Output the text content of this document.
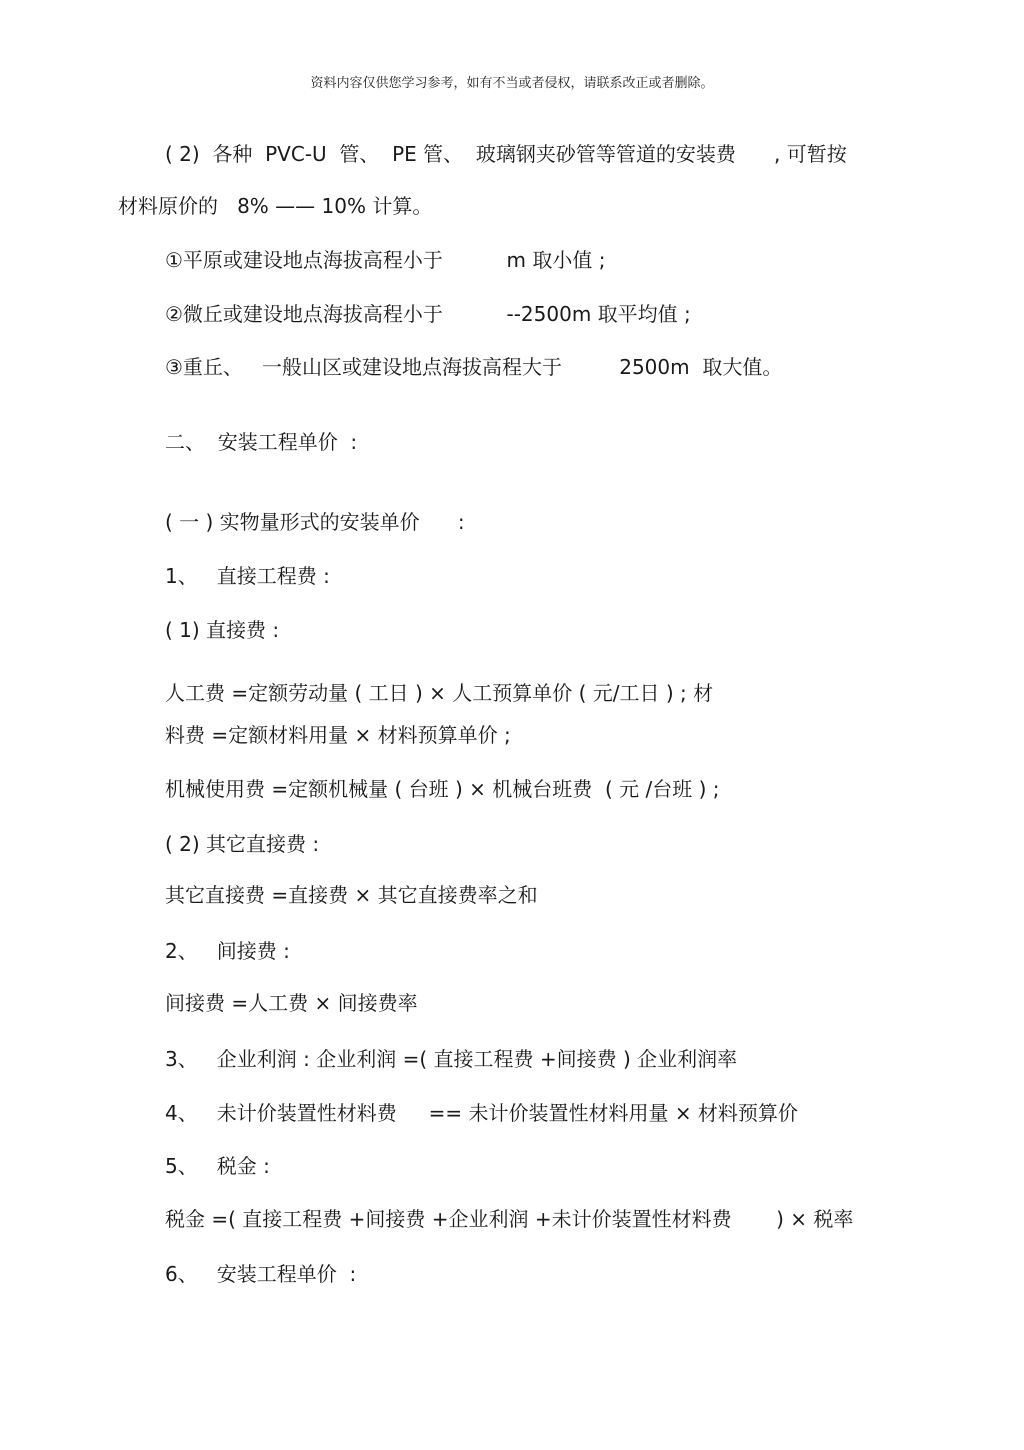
资料内容仅供您学习参考，如有不当或者侵权，请联系改正或者删除。
( 2)  各种  PVC-U  管、  PE 管、  玻璃钢夹砂管等管道的安装费      , 可暂按
材料原价的   8% —— 10% 计算。
①平原或建设地点海拔高程小于          m 取小值 ;
②微丘或建设地点海拔高程小于          --2500m 取平均值 ;
③重丘、   一般山区或建设地点海拔高程大于         2500m  取大值。
二、  安装工程单价  :
( 一 ) 实物量形式的安装单价      :
1、   直接工程费 :
( 1) 直接费 :
人工费 =定额劳动量 ( 工日 ) × 人工预算单价 ( 元/工日 ) ; 材
料费 =定额材料用量 × 材料预算单价 ;
机械使用费 =定额机械量 ( 台班 ) × 机械台班费  ( 元 /台班 ) ;
( 2) 其它直接费 :
其它直接费 =直接费 × 其它直接费率之和
2、   间接费 :
间接费 =人工费 × 间接费率
3、   企业利润 : 企业利润 =( 直接工程费 +间接费 ) 企业利润率
4、   未计价装置性材料费     == 未计价装置性材料用量 × 材料预算价
5、   税金 :
税金 =( 直接工程费 +间接费 +企业利润 +未计价装置性材料费       ) × 税率
6、   安装工程单价  :
